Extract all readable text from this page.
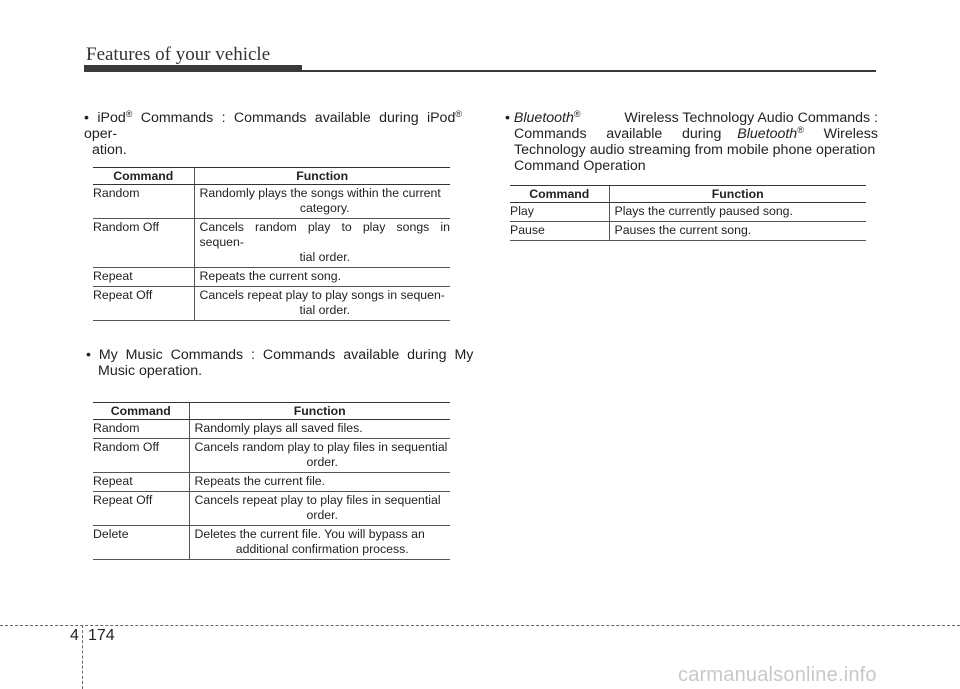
Features of your vehicle
• iPod® Commands : Commands available during iPod® oper-
ation.
Command	Function
Random	Randomly plays the songs within the current
category.

Random Off	Cancels random play to play songs in sequen-
tial order.

Repeat	Repeats the current song.
Repeat Off	Cancels repeat play to play songs in sequen-
tial order.
•  My  Music  Commands  :  Commands  available  during  My
Music operation.
Command	Function
Random	Randomly plays all saved files.
Random Off	Cancels random play to play files in sequential
order.

Repeat	Repeats the current file.
Repeat Off	Cancels repeat play to play files in sequential
order.

Delete	Deletes the current file. You will bypass an
additional confirmation process.
• Bluetooth®	Wireless Technology Audio Commands :
Commands     available     during Bluetooth® Wireless
Technology audio streaming from mobile phone operation
Command Operation
Command	Function
Play	Plays the currently paused song.
Pause	Pauses the current song.
4 174
carmanualsonline.info
